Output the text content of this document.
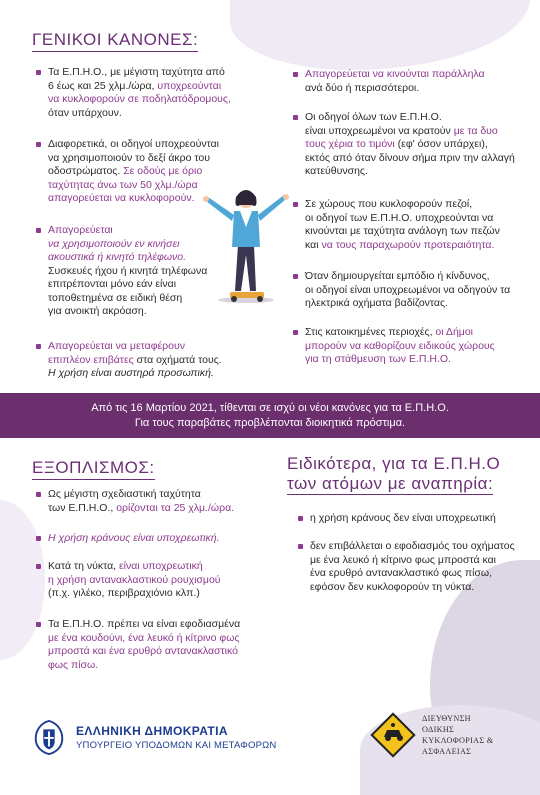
ΓΕΝΙΚΟΙ ΚΑΝΟΝΕΣ:
Τα Ε.Π.Η.Ο., με μέγιστη ταχύτητα από
6 έως και 25 χλμ./ώρα, υποχρεούνται
να κυκλοφορούν σε ποδηλατόδρομους,
όταν υπάρχουν.
Διαφορετικά, οι οδηγοί υποχρεούνται
να χρησιμοποιούν το δεξί άκρο του
οδοστρώματος. Σε οδούς με όριο
ταχύτητας άνω των 50 χλμ./ώρα
απαγορεύεται να κυκλοφορούν.
Απαγορεύεται
να χρησιμοποιούν εν κινήσει
ακουστικά ή κινητό τηλέφωνο.
Συσκευές ήχου ή κινητά τηλέφωνα
επιτρέπονται μόνο εάν είναι
τοποθετημένα σε ειδική θέση
για ανοικτή ακρόαση.
Απαγορεύεται να μεταφέρουν
επιπλέον επιβάτες στα οχήματά τους.
Η χρήση είναι αυστηρά προσωπική.
Απαγορεύεται να κινούνται παράλληλα
ανά δύο ή περισσότεροι.
Οι οδηγοί όλων των Ε.Π.Η.Ο.
είναι υποχρεωμένοι να κρατούν με τα δυο
τους χέρια το τιμόνι (εφ' όσον υπάρχει),
εκτός από όταν δίνουν σήμα πριν την αλλαγή
κατεύθυνσης.
Σε χώρους που κυκλοφορούν πεζοί,
οι οδηγοί των Ε.Π.Η.Ο. υποχρεούνται να
κινούνται με ταχύτητα ανάλογη των πεζών
και να τους παραχωρούν προτεραιότητα.
Όταν δημιουργείται εμπόδιο ή κίνδυνος,
οι οδηγοί είναι υποχρεωμένοι να οδηγούν τα
ηλεκτρικά οχήματα βαδίζοντας.
Στις κατοικημένες περιοχές, οι Δήμοι
μπορούν να καθορίζουν ειδικούς χώρους
για τη στάθμευση των Ε.Π.Η.Ο.
Από τις 16 Μαρτίου 2021, τίθενται σε ισχύ οι νέοι κανόνες για τα Ε.Π.Η.Ο.
Για τους παραβάτες προβλέπονται διοικητικά πρόστιμα.
ΕΞΟΠΛΙΣΜΟΣ:
Ως μέγιστη σχεδιαστική ταχύτητα
των Ε.Π.Η.Ο., ορίζονται τα 25 χλμ./ώρα.
Η χρήση κράνους είναι υποχρεωτική.
Κατά τη νύκτα, είναι υποχρεωτική
η χρήση αντανακλαστικού ρουχισμού
(π.χ. γιλέκο, περιβραχιόνιο κλπ.)
Τα Ε.Π.Η.Ο. πρέπει να είναι εφοδιασμένα
με ένα κουδούνι, ένα λευκό ή κίτρινο φως
μπροστά και ένα ερυθρό αντανακλαστικό
φως πίσω.
Ειδικότερα, για τα Ε.Π.Η.Ο
των ατόμων με αναπηρία:
η χρήση κράνους δεν είναι υποχρεωτική
δεν επιβάλλεται ο εφοδιασμός του οχήματος
με ένα λευκό ή κίτρινο φως μπροστά και
ένα ερυθρό αντανακλαστικό φως πίσω,
εφόσον δεν κυκλοφορούν τη νύκτα.
ΕΛΛΗΝΙΚΗ ΔΗΜΟΚΡΑΤΙΑ
ΥΠΟΥΡΓΕΙΟ ΥΠΟΔΟΜΩΝ ΚΑΙ ΜΕΤΑΦΟΡΩΝ
ΔΙΕΥΘΥΝΣΗ
ΟΔΙΚΗΣ
ΚΥΚΛΟΦΟΡΙΑΣ &
ΑΣΦΑΛΕΙΑΣ
